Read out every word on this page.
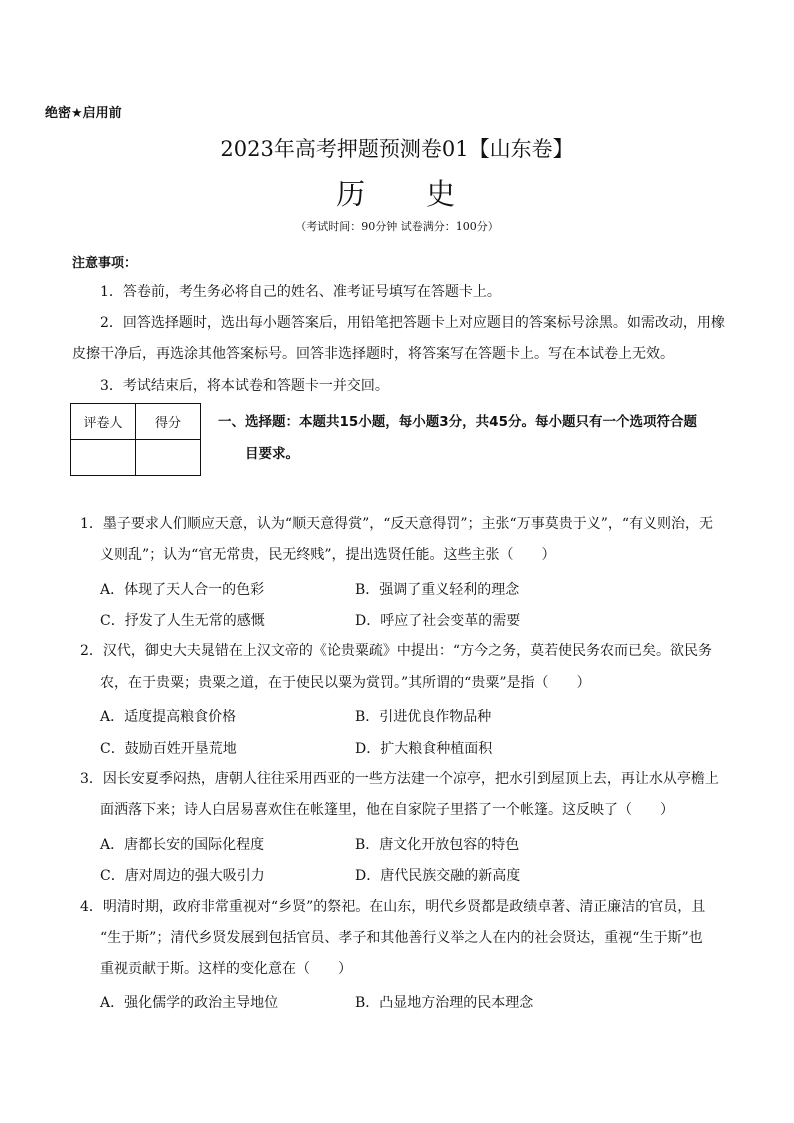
绝密★启用前
2023年高考押题预测卷01【山东卷】
历　　 史
（考试时间：90分钟 试卷满分：100分）
注意事项：
1．答卷前，考生务必将自己的姓名、准考证号填写在答题卡上。
2．回答选择题时，选出每小题答案后，用铅笔把答题卡上对应题目的答案标号涂黑。如需改动，用橡
皮擦干净后，再选涂其他答案标号。回答非选择题时，将答案写在答题卡上。写在本试卷上无效。
3．考试结束后，将本试卷和答题卡一并交回。
评卷人	得分
		一、选择题：本题共15小题，每小题3分，共45分。每小题只有一个选项符合题
目要求。
1．墨子要求人们顺应天意，认为“顺天意得赏”，“反天意得罚”；主张“万事莫贵于义”，“有义则治，无
义则乱”；认为“官无常贵，民无终贱”，提出选贤任能。这些主张（　　）
A．体现了天人合一的色彩	B．强调了重义轻利的理念
C．抒发了人生无常的感慨	D．呼应了社会变革的需要
2．汉代，御史大夫晁错在上汉文帝的《论贵粟疏》中提出：“方今之务，莫若使民务农而已矣。欲民务
农，在于贵粟；贵粟之道，在于使民以粟为赏罚。”其所谓的“贵粟”是指（　　）
A．适度提高粮食价格	B．引进优良作物品种
C．鼓励百姓开垦荒地	D．扩大粮食种植面积
3．因长安夏季闷热，唐朝人往往采用西亚的一些方法建一个凉亭，把水引到屋顶上去，再让水从亭檐上
面洒落下来；诗人白居易喜欢住在帐篷里，他在自家院子里搭了一个帐篷。这反映了（　　）
A．唐都长安的国际化程度	B．唐文化开放包容的特色
C．唐对周边的强大吸引力	D．唐代民族交融的新高度
4．明清时期，政府非常重视对“乡贤”的祭祀。在山东，明代乡贤都是政绩卓著、清正廉洁的官员，且
“生于斯”；清代乡贤发展到包括官员、孝子和其他善行义举之人在内的社会贤达，重视“生于斯”也
重视贡献于斯。这样的变化意在（　　）
A．强化儒学的政治主导地位	B．凸显地方治理的民本理念
